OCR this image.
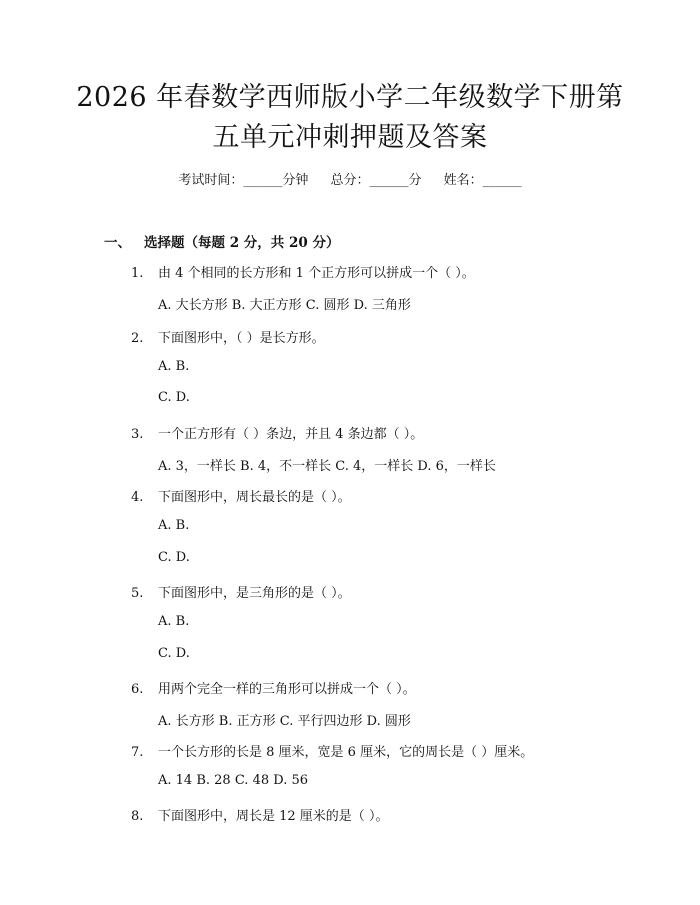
2026 年春数学西师版小学二年级数学下册第
五单元冲刺押题及答案
考试时间：______分钟 总分：______分 姓名：______
一、 选择题（每题 2 分，共 20 分）
1. 由 4 个相同的长方形和 1 个正方形可以拼成一个（ ）。
A. 大长方形 B. 大正方形 C. 圆形 D. 三角形
2. 下面图形中，（ ）是长方形。
A. B.
C. D.
3. 一个正方形有（ ）条边，并且 4 条边都（ ）。
A. 3，一样长 B. 4，不一样长 C. 4，一样长 D. 6，一样长
4. 下面图形中，周长最长的是（ ）。
A. B.
C. D.
5. 下面图形中，是三角形的是（ ）。
A. B.
C. D.
6. 用两个完全一样的三角形可以拼成一个（ ）。
A. 长方形 B. 正方形 C. 平行四边形 D. 圆形
7. 一个长方形的长是 8 厘米，宽是 6 厘米，它的周长是（ ）厘米。
A. 14 B. 28 C. 48 D. 56
8. 下面图形中，周长是 12 厘米的是（ ）。
